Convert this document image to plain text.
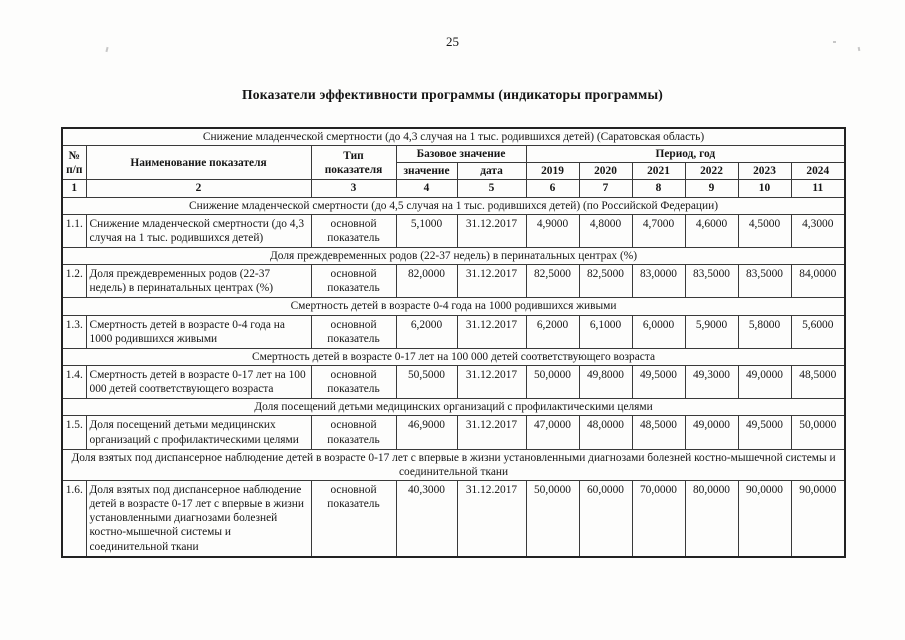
25
Показатели эффективности программы (индикаторы программы)
Снижение младенческой смертности (до 4,3 случая на 1 тыс. родившихся детей) (Саратовская область)										
№ п/п	Наименование показателя	Тип показателя	Базовое значение		Период, год					
			значение	дата	2019	2020	2021	2022	2023	2024
1	2	3	4	5	6	7	8	9	10	11
Снижение младенческой смертности (до 4,5 случая на 1 тыс. родившихся детей) (по Российской Федерации)										
1.1.	Снижение младенческой смертности (до 4,3 случая на 1 тыс. родившихся детей)	основной показатель	5,1000	31.12.2017	4,9000	4,8000	4,7000	4,6000	4,5000	4,3000
Доля преждевременных родов (22-37 недель) в перинатальных центрах (%)										
1.2.	Доля преждевременных родов (22-37 недель) в перинатальных центрах (%)	основной показатель	82,0000	31.12.2017	82,5000	82,5000	83,0000	83,5000	83,5000	84,0000
Смертность детей в возрасте 0-4 года на 1000 родившихся живыми										
1.3.	Смертность детей в возрасте 0-4 года на 1000 родившихся живыми	основной показатель	6,2000	31.12.2017	6,2000	6,1000	6,0000	5,9000	5,8000	5,6000
Смертность детей в возрасте 0-17 лет на 100 000 детей соответствующего возраста										
1.4.	Смертность детей в возрасте 0-17 лет на 100 000 детей соответствующего возраста	основной показатель	50,5000	31.12.2017	50,0000	49,8000	49,5000	49,3000	49,0000	48,5000
Доля посещений детьми медицинских организаций с профилактическими целями										
1.5.	Доля посещений детьми медицинских организаций с профилактическими целями	основной показатель	46,9000	31.12.2017	47,0000	48,0000	48,5000	49,0000	49,5000	50,0000
Доля взятых под диспансерное наблюдение детей в возрасте 0-17 лет с впервые в жизни установленными диагнозами болезней костно-мышечной системы и соединительной ткани										
1.6.	Доля взятых под диспансерное наблюдение детей в возрасте 0-17 лет с впервые в жизни установленными диагнозами болезней костно-мышечной системы и соединительной ткани	основной показатель	40,3000	31.12.2017	50,0000	60,0000	70,0000	80,0000	90,0000	90,0000
